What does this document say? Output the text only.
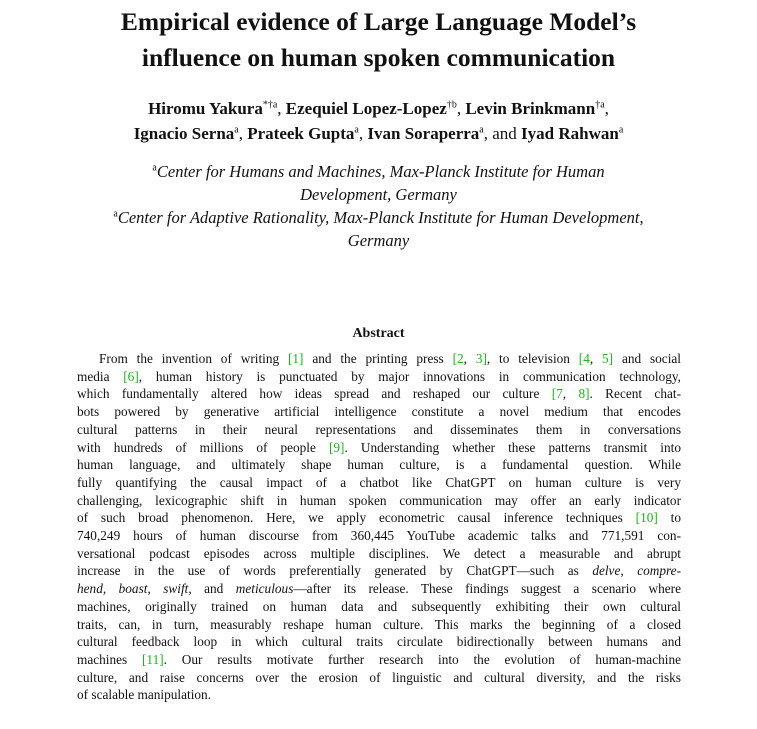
Empirical evidence of Large Language Model’s
influence on human spoken communication
Hiromu Yakura$^{*\dagger a}$, Ezequiel Lopez-Lopez$^{\dagger b}$, Levin Brinkmann$^{\dagger a}$,
Ignacio Serna$^a$, Prateek Gupta$^a$, Ivan Soraperra$^a$, and Iyad Rahwan$^a$
$^a$Center for Humans and Machines, Max-Planck Institute for Human
Development, Germany
$^a$Center for Adaptive Rationality, Max-Planck Institute for Human Development,
Germany
Abstract
From the invention of writing [1] and the printing press [2, 3], to television [4, 5] and social
media [6], human history is punctuated by major innovations in communication technology,
which fundamentally altered how ideas spread and reshaped our culture [7, 8]. Recent chat-
bots powered by generative artificial intelligence constitute a novel medium that encodes
cultural patterns in their neural representations and disseminates them in conversations
with hundreds of millions of people [9]. Understanding whether these patterns transmit into
human language, and ultimately shape human culture, is a fundamental question. While
fully quantifying the causal impact of a chatbot like ChatGPT on human culture is very
challenging, lexicographic shift in human spoken communication may offer an early indicator
of such broad phenomenon. Here, we apply econometric causal inference techniques [10] to
740,249 hours of human discourse from 360,445 YouTube academic talks and 771,591 con-
versational podcast episodes across multiple disciplines. We detect a measurable and abrupt
increase in the use of words preferentially generated by ChatGPT—such as delve, compre-
hend, boast, swift, and meticulous—after its release. These findings suggest a scenario where
machines, originally trained on human data and subsequently exhibiting their own cultural
traits, can, in turn, measurably reshape human culture. This marks the beginning of a closed
cultural feedback loop in which cultural traits circulate bidirectionally between humans and
machines [11]. Our results motivate further research into the evolution of human-machine
culture, and raise concerns over the erosion of linguistic and cultural diversity, and the risks
of scalable manipulation.
